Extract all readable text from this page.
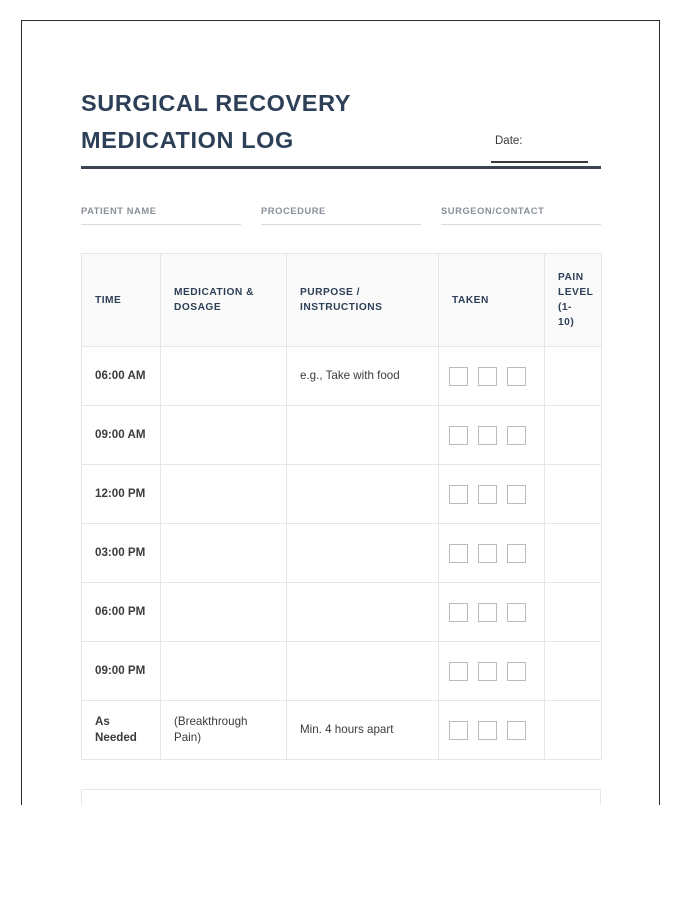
SURGICAL RECOVERY
MEDICATION LOG	Date:
PATIENT NAME	PROCEDURE	SURGEON/CONTACT
TIME	MEDICATION & DOSAGE	PURPOSE / INSTRUCTIONS	TAKEN	PAIN LEVEL (1-10)
06:00 AM		e.g., Take with food	

09:00 AM			

12:00 PM			

03:00 PM			

06:00 PM			

09:00 PM			

As Needed	(Breakthrough Pain)	Min. 4 hours apart	
